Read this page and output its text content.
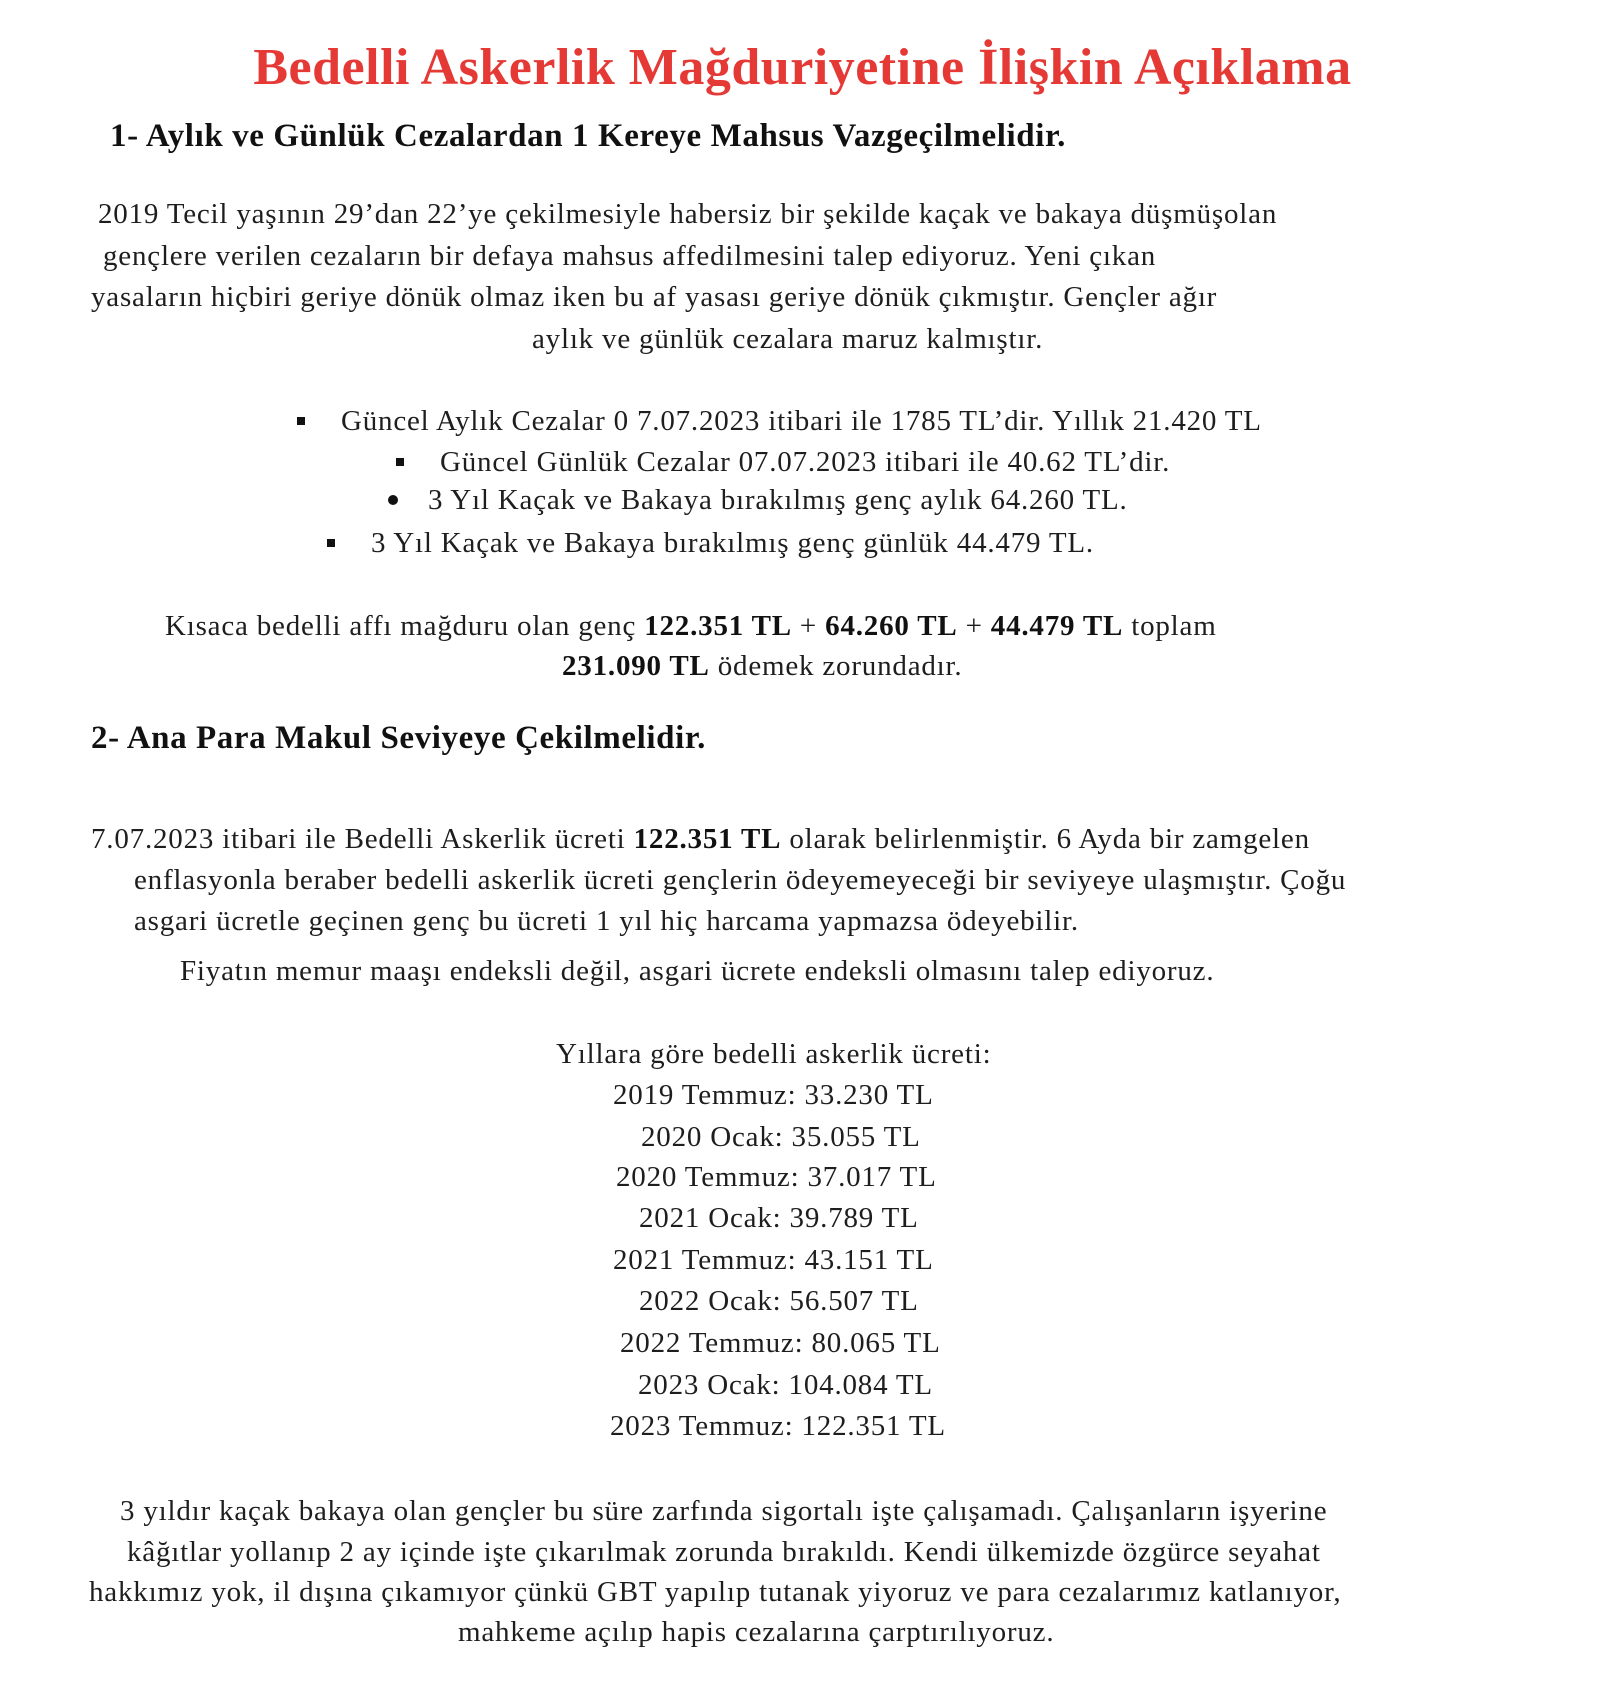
Bedelli Askerlik Mağduriyetine İlişkin Açıklama
1- Aylık ve Günlük Cezalardan 1 Kereye Mahsus Vazgeçilmelidir.
2019 Tecil yaşının 29’dan 22’ye çekilmesiyle habersiz bir şekilde kaçak ve bakaya düşmüşolan
gençlere verilen cezaların bir defaya mahsus affedilmesini talep ediyoruz. Yeni çıkan
yasaların hiçbiri geriye dönük olmaz iken bu af yasası geriye dönük çıkmıştır. Gençler ağır
aylık ve günlük cezalara maruz kalmıştır.
Güncel Aylık Cezalar 0 7.07.2023 itibari ile 1785 TL’dir. Yıllık 21.420 TL
Güncel Günlük Cezalar 07.07.2023 itibari ile 40.62 TL’dir.
3 Yıl Kaçak ve Bakaya bırakılmış genç aylık 64.260 TL.
3 Yıl Kaçak ve Bakaya bırakılmış genç günlük 44.479 TL.
Kısaca bedelli affı mağduru olan genç 122.351 TL + 64.260 TL + 44.479 TL toplam
231.090 TL ödemek zorundadır.
2- Ana Para Makul Seviyeye Çekilmelidir.
7.07.2023 itibari ile Bedelli Askerlik ücreti 122.351 TL olarak belirlenmiştir. 6 Ayda bir zamgelen
enflasyonla beraber bedelli askerlik ücreti gençlerin ödeyemeyeceği bir seviyeye ulaşmıştır. Çoğu
asgari ücretle geçinen genç bu ücreti 1 yıl hiç harcama yapmazsa ödeyebilir.
Fiyatın memur maaşı endeksli değil, asgari ücrete endeksli olmasını talep ediyoruz.
Yıllara göre bedelli askerlik ücreti:
2019 Temmuz: 33.230 TL
2020 Ocak: 35.055 TL
2020 Temmuz: 37.017 TL
2021 Ocak: 39.789 TL
2021 Temmuz: 43.151 TL
2022 Ocak: 56.507 TL
2022 Temmuz: 80.065 TL
2023 Ocak: 104.084 TL
2023 Temmuz: 122.351 TL
3 yıldır kaçak bakaya olan gençler bu süre zarfında sigortalı işte çalışamadı. Çalışanların işyerine
kâğıtlar yollanıp 2 ay içinde işte çıkarılmak zorunda bırakıldı. Kendi ülkemizde özgürce seyahat
hakkımız yok, il dışına çıkamıyor çünkü GBT yapılıp tutanak yiyoruz ve para cezalarımız katlanıyor,
mahkeme açılıp hapis cezalarına çarptırılıyoruz.
